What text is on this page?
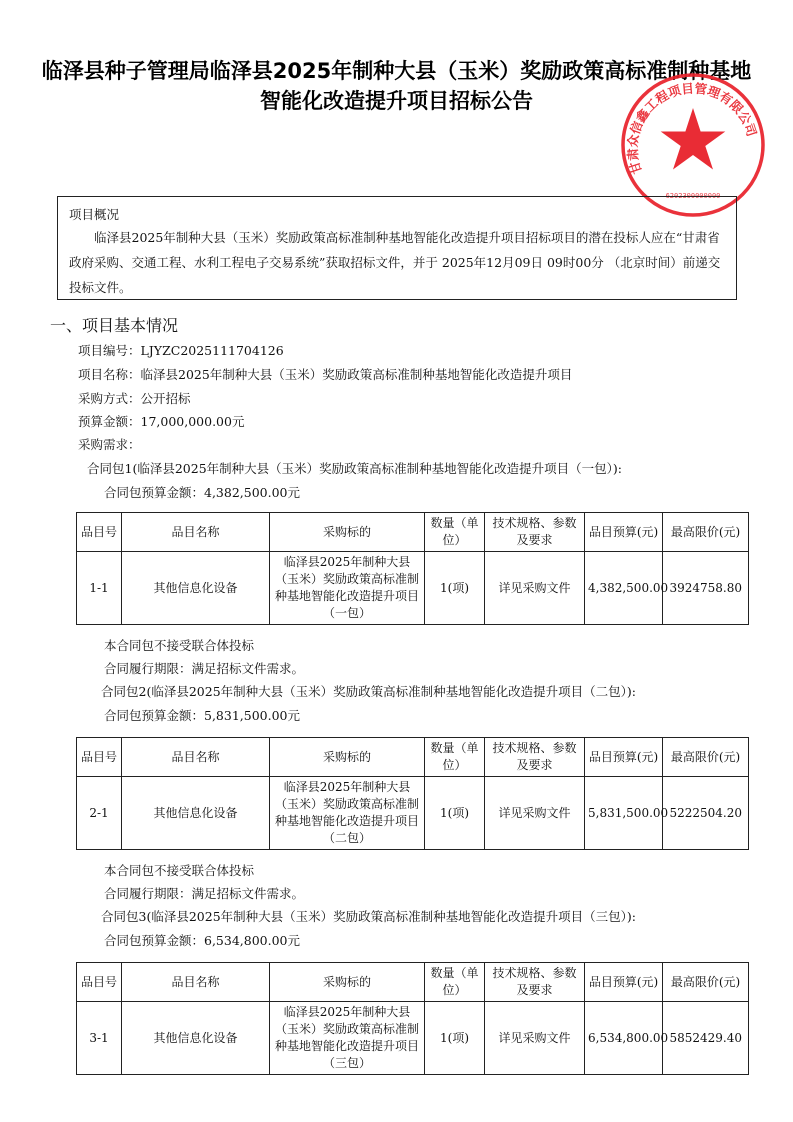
临泽县种子管理局临泽县2025年制种大县（玉米）奖励政策高标准制种基地
智能化改造提升项目招标公告
甘肃众信鑫工程项目管理有限公司
6202300000000
项目概况
临泽县2025年制种大县（玉米）奖励政策高标准制种基地智能化改造提升项目招标项目的潜在投标人应在“甘肃省政府采购、交通工程、水利工程电子交易系统”获取招标文件，并于 2025年12月09日 09时00分 （北京时间）前递交投标文件。
一、项目基本情况
项目编号：LJYZC2025111704126
项目名称：临泽县2025年制种大县（玉米）奖励政策高标准制种基地智能化改造提升项目
采购方式：公开招标
预算金额：17,000,000.00元
采购需求：
合同包1(临泽县2025年制种大县（玉米）奖励政策高标准制种基地智能化改造提升项目（一包）):
合同包预算金额：4,382,500.00元
品目号	品目名称	采购标的	数量（单位）	技术规格、参数及要求	品目预算(元)	最高限价(元)
1-1	其他信息化设备	临泽县2025年制种大县（玉米）奖励政策高标准制种基地智能化改造提升项目（一包）	1(项)	详见采购文件	4,382,500.00	3924758.80
本合同包不接受联合体投标
合同履行期限：满足招标文件需求。
合同包2(临泽县2025年制种大县（玉米）奖励政策高标准制种基地智能化改造提升项目（二包）):
合同包预算金额：5,831,500.00元
品目号	品目名称	采购标的	数量（单位）	技术规格、参数及要求	品目预算(元)	最高限价(元)
2-1	其他信息化设备	临泽县2025年制种大县（玉米）奖励政策高标准制种基地智能化改造提升项目（二包）	1(项)	详见采购文件	5,831,500.00	5222504.20
本合同包不接受联合体投标
合同履行期限：满足招标文件需求。
合同包3(临泽县2025年制种大县（玉米）奖励政策高标准制种基地智能化改造提升项目（三包）):
合同包预算金额：6,534,800.00元
品目号	品目名称	采购标的	数量（单位）	技术规格、参数及要求	品目预算(元)	最高限价(元)
3-1	其他信息化设备	临泽县2025年制种大县（玉米）奖励政策高标准制种基地智能化改造提升项目（三包）	1(项)	详见采购文件	6,534,800.00	5852429.40
